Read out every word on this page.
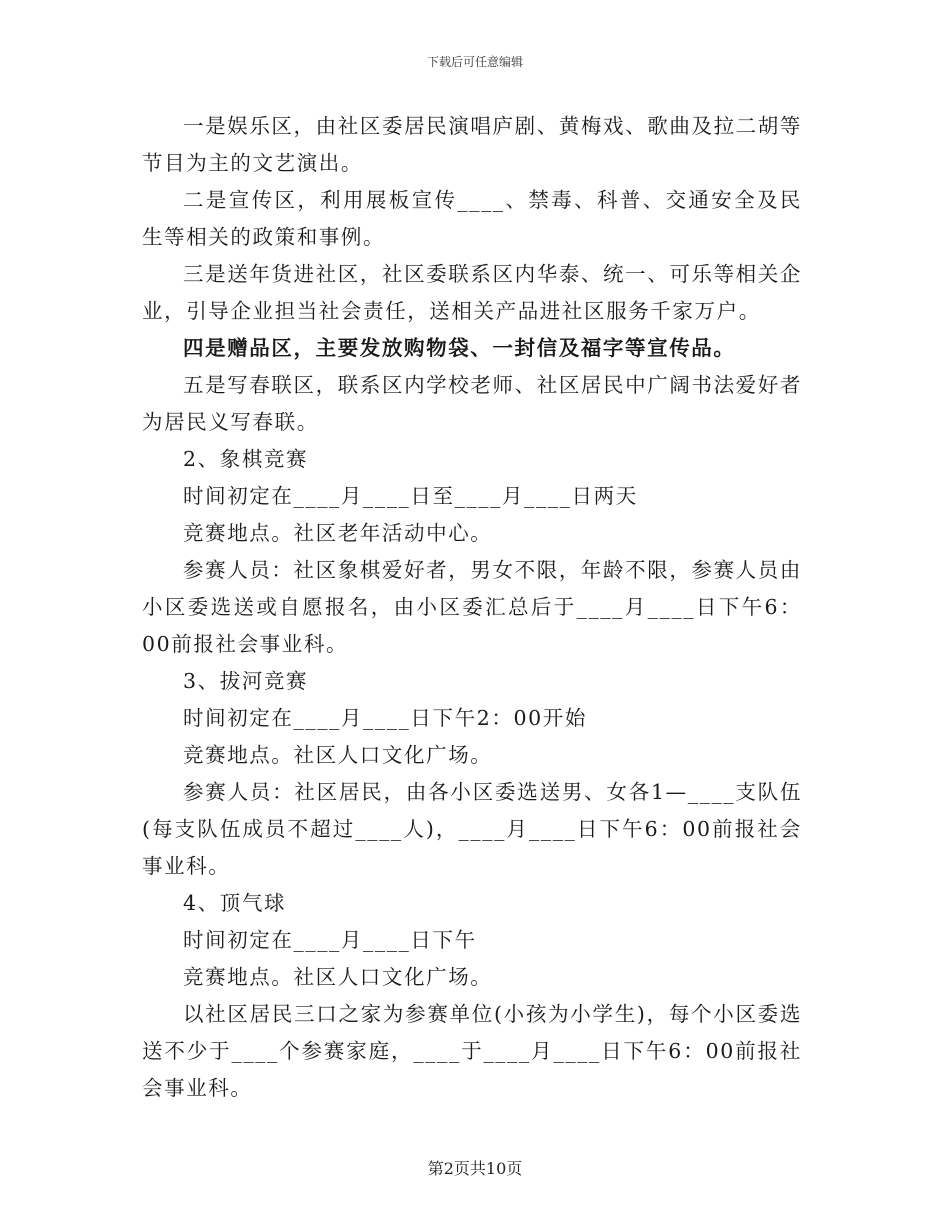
下载后可任意编辑

一是娱乐区，由社区委居民演唱庐剧、黄梅戏、歌曲及拉二胡等节目为主的文艺演出。

二是宣传区，利用展板宣传____、禁毒、科普、交通安全及民生等相关的政策和事例。

三是送年货进社区，社区委联系区内华泰、统一、可乐等相关企业，引导企业担当社会责任，送相关产品进社区服务千家万户。

四是赠品区，主要发放购物袋、一封信及福字等宣传品。

五是写春联区，联系区内学校老师、社区居民中广阔书法爱好者为居民义写春联。

2、象棋竞赛

时间初定在____月____日至____月____日两天

竞赛地点。社区老年活动中心。

参赛人员：社区象棋爱好者，男女不限，年龄不限，参赛人员由小区委选送或自愿报名，由小区委汇总后于____月____日下午6：00前报社会事业科。

3、拔河竞赛

时间初定在____月____日下午2：00开始

竞赛地点。社区人口文化广场。

参赛人员：社区居民，由各小区委选送男、女各1—____支队伍(每支队伍成员不超过____人)，____月____日下午6：00前报社会事业科。

4、顶气球

时间初定在____月____日下午

竞赛地点。社区人口文化广场。

以社区居民三口之家为参赛单位(小孩为小学生)，每个小区委选送不少于____个参赛家庭，____于____月____日下午6：00前报社会事业科。

第2页共10页
